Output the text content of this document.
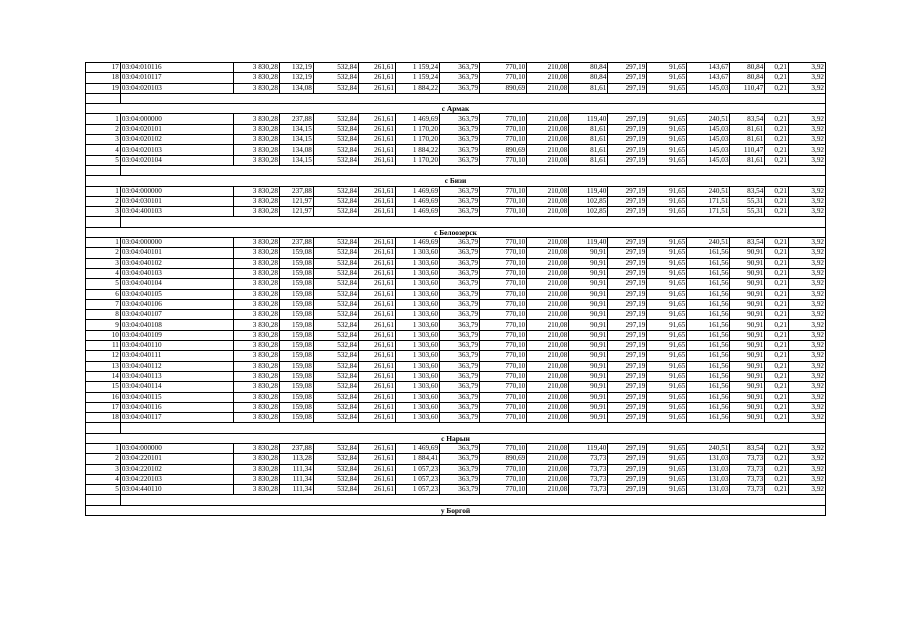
17	03:04:010116	3 830,28	132,19	532,84	261,61	1 159,24	363,79	770,10	210,08	80,84	297,19	91,65	143,67	80,84	0,21	3,92
18	03:04:010117	3 830,28	132,19	532,84	261,61	1 159,24	363,79	770,10	210,08	80,84	297,19	91,65	143,67	80,84	0,21	3,92
19	03:04:020103	3 830,28	134,08	532,84	261,61	1 884,22	363,79	890,69	210,08	81,61	297,19	91,65	145,03	110,47	0,21	3,92

с Армак																
1	03:04:000000	3 830,28	237,88	532,84	261,61	1 469,69	363,79	770,10	210,08	119,40	297,19	91,65	240,51	83,54	0,21	3,92
2	03:04:020101	3 830,28	134,15	532,84	261,61	1 170,20	363,79	770,10	210,08	81,61	297,19	91,65	145,03	81,61	0,21	3,92
3	03:04:020102	3 830,28	134,15	532,84	261,61	1 170,20	363,79	770,10	210,08	81,61	297,19	91,65	145,03	81,61	0,21	3,92
4	03:04:020103	3 830,28	134,08	532,84	261,61	1 884,22	363,79	890,69	210,08	81,61	297,19	91,65	145,03	110,47	0,21	3,92
5	03:04:020104	3 830,28	134,15	532,84	261,61	1 170,20	363,79	770,10	210,08	81,61	297,19	91,65	145,03	81,61	0,21	3,92

с Бизи																
1	03:04:000000	3 830,28	237,88	532,84	261,61	1 469,69	363,79	770,10	210,08	119,40	297,19	91,65	240,51	83,54	0,21	3,92
2	03:04:030101	3 830,28	121,97	532,84	261,61	1 469,69	363,79	770,10	210,08	102,85	297,19	91,65	171,51	55,31	0,21	3,92
3	03:04:400103	3 830,28	121,97	532,84	261,61	1 469,69	363,79	770,10	210,08	102,85	297,19	91,65	171,51	55,31	0,21	3,92

с Белоозерск																
1	03:04:000000	3 830,28	237,88	532,84	261,61	1 469,69	363,79	770,10	210,08	119,40	297,19	91,65	240,51	83,54	0,21	3,92
2	03:04:040101	3 830,28	159,08	532,84	261,61	1 303,60	363,79	770,10	210,08	90,91	297,19	91,65	161,56	90,91	0,21	3,92
3	03:04:040102	3 830,28	159,08	532,84	261,61	1 303,60	363,79	770,10	210,08	90,91	297,19	91,65	161,56	90,91	0,21	3,92
4	03:04:040103	3 830,28	159,08	532,84	261,61	1 303,60	363,79	770,10	210,08	90,91	297,19	91,65	161,56	90,91	0,21	3,92
5	03:04:040104	3 830,28	159,08	532,84	261,61	1 303,60	363,79	770,10	210,08	90,91	297,19	91,65	161,56	90,91	0,21	3,92
6	03:04:040105	3 830,28	159,08	532,84	261,61	1 303,60	363,79	770,10	210,08	90,91	297,19	91,65	161,56	90,91	0,21	3,92
7	03:04:040106	3 830,28	159,08	532,84	261,61	1 303,60	363,79	770,10	210,08	90,91	297,19	91,65	161,56	90,91	0,21	3,92
8	03:04:040107	3 830,28	159,08	532,84	261,61	1 303,60	363,79	770,10	210,08	90,91	297,19	91,65	161,56	90,91	0,21	3,92
9	03:04:040108	3 830,28	159,08	532,84	261,61	1 303,60	363,79	770,10	210,08	90,91	297,19	91,65	161,56	90,91	0,21	3,92
10	03:04:040109	3 830,28	159,08	532,84	261,61	1 303,60	363,79	770,10	210,08	90,91	297,19	91,65	161,56	90,91	0,21	3,92
11	03:04:040110	3 830,28	159,08	532,84	261,61	1 303,60	363,79	770,10	210,08	90,91	297,19	91,65	161,56	90,91	0,21	3,92
12	03:04:040111	3 830,28	159,08	532,84	261,61	1 303,60	363,79	770,10	210,08	90,91	297,19	91,65	161,56	90,91	0,21	3,92
13	03:04:040112	3 830,28	159,08	532,84	261,61	1 303,60	363,79	770,10	210,08	90,91	297,19	91,65	161,56	90,91	0,21	3,92
14	03:04:040113	3 830,28	159,08	532,84	261,61	1 303,60	363,79	770,10	210,08	90,91	297,19	91,65	161,56	90,91	0,21	3,92
15	03:04:040114	3 830,28	159,08	532,84	261,61	1 303,60	363,79	770,10	210,08	90,91	297,19	91,65	161,56	90,91	0,21	3,92
16	03:04:040115	3 830,28	159,08	532,84	261,61	1 303,60	363,79	770,10	210,08	90,91	297,19	91,65	161,56	90,91	0,21	3,92
17	03:04:040116	3 830,28	159,08	532,84	261,61	1 303,60	363,79	770,10	210,08	90,91	297,19	91,65	161,56	90,91	0,21	3,92
18	03:04:040117	3 830,28	159,08	532,84	261,61	1 303,60	363,79	770,10	210,08	90,91	297,19	91,65	161,56	90,91	0,21	3,92

с Нарын																
1	03:04:000000	3 830,28	237,88	532,84	261,61	1 469,69	363,79	770,10	210,08	119,40	297,19	91,65	240,51	83,54	0,21	3,92
2	03:04:220101	3 830,28	113,28	532,84	261,61	1 884,41	363,79	890,69	210,08	73,73	297,19	91,65	131,03	73,73	0,21	3,92
3	03:04:220102	3 830,28	111,34	532,84	261,61	1 057,23	363,79	770,10	210,08	73,73	297,19	91,65	131,03	73,73	0,21	3,92
4	03:04:220103	3 830,28	111,34	532,84	261,61	1 057,23	363,79	770,10	210,08	73,73	297,19	91,65	131,03	73,73	0,21	3,92
5	03:04:440110	3 830,28	111,34	532,84	261,61	1 057,23	363,79	770,10	210,08	73,73	297,19	91,65	131,03	73,73	0,21	3,92

у Боргой																
